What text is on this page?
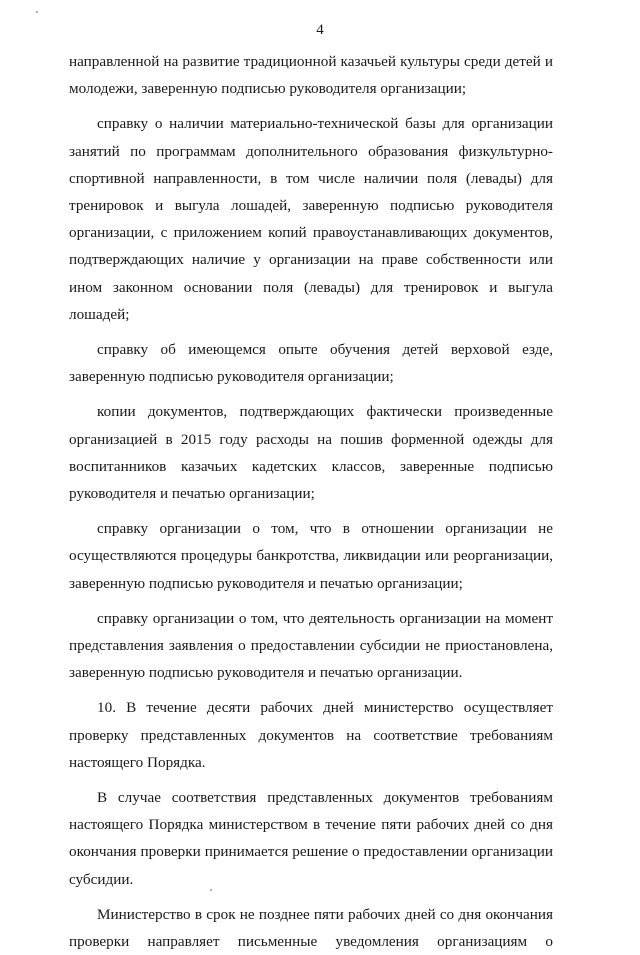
4

направленной на развитие традиционной казачьей культуры среди детей и молодежи, заверенную подписью руководителя организации;

справку о наличии материально-технической базы для организации занятий по программам дополнительного образования физкультурно-спортивной направленности, в том числе наличии поля (левады) для тренировок и выгула лошадей, заверенную подписью руководителя организации, с приложением копий правоустанавливающих документов, подтверждающих наличие у организации на праве собственности или ином законном основании поля (левады) для тренировок и выгула лошадей;

справку об имеющемся опыте обучения детей верховой езде, заверенную подписью руководителя организации;

копии документов, подтверждающих фактически произведенные организацией в 2015 году расходы на пошив форменной одежды для воспитанников казачьих кадетских классов, заверенные подписью руководителя и печатью организации;

справку организации о том, что в отношении организации не осуществляются процедуры банкротства, ликвидации или реорганизации, заверенную подписью руководителя и печатью организации;

справку организации о том, что деятельность организации на момент представления заявления о предоставлении субсидии не приостановлена, заверенную подписью руководителя и печатью организации.

10. В течение десяти рабочих дней министерство осуществляет проверку представленных документов на соответствие требованиям настоящего Порядка.

В случае соответствия представленных документов требованиям настоящего Порядка министерством в течение пяти рабочих дней со дня окончания проверки принимается решение о предоставлении организации субсидии.

Министерство в срок не позднее пяти рабочих дней со дня окончания проверки направляет письменные уведомления организациям о
